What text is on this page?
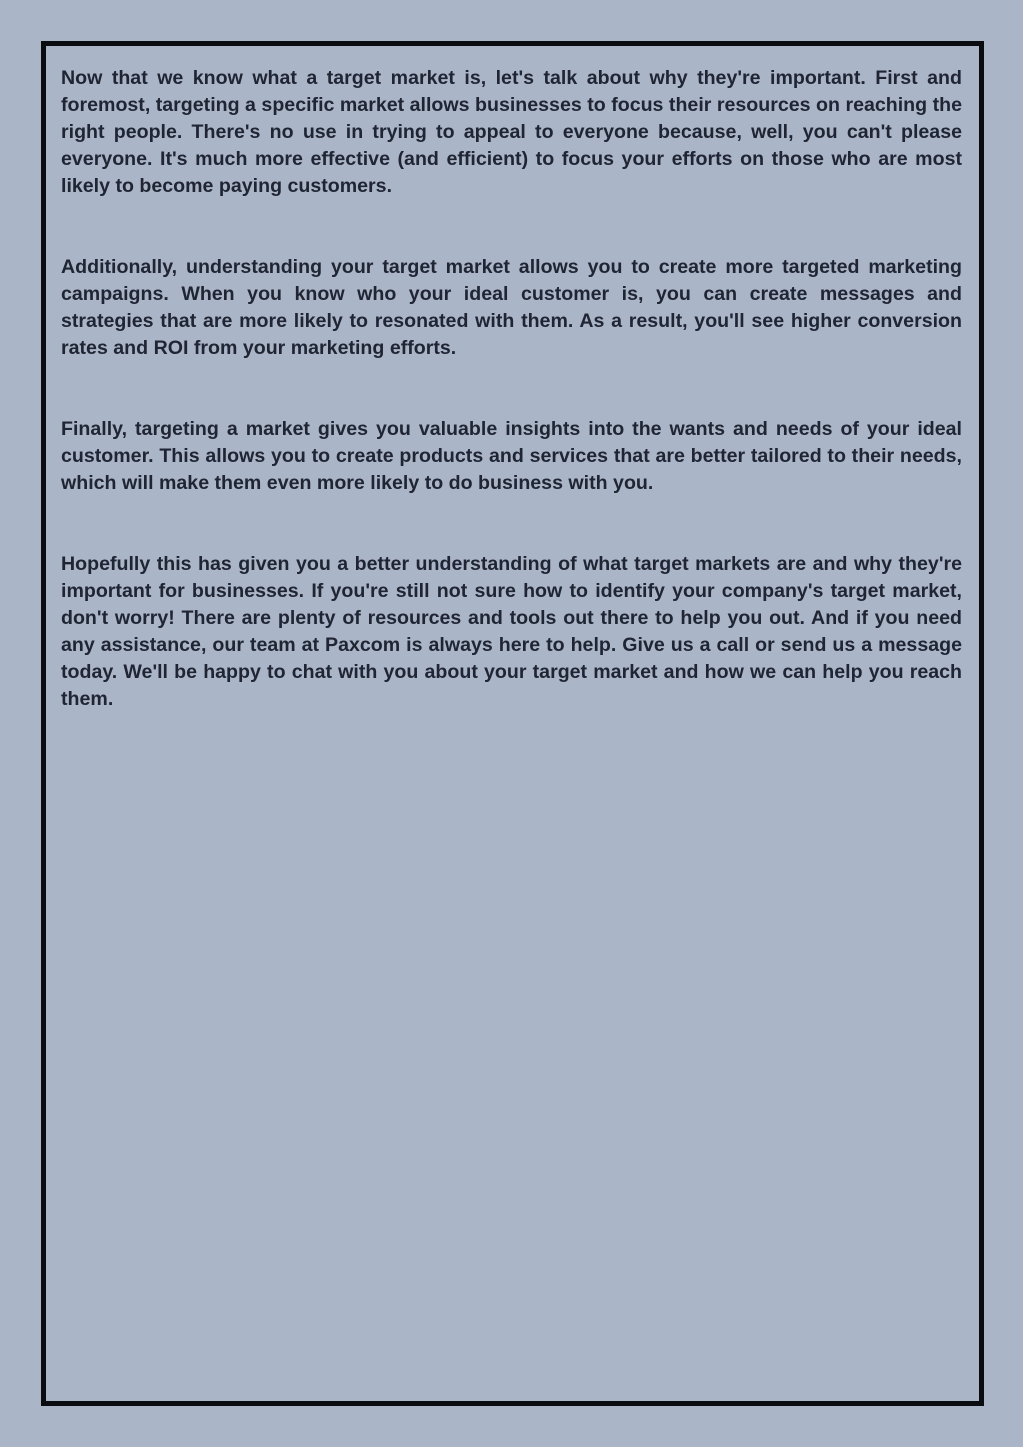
Now that we know what a target market is, let's talk about why they're important. First and foremost, targeting a specific market allows businesses to focus their resources on reaching the right people. There's no use in trying to appeal to everyone because, well, you can't please everyone. It's much more effective (and efficient) to focus your efforts on those who are most likely to become paying customers.

Additionally, understanding your target market allows you to create more targeted marketing campaigns. When you know who your ideal customer is, you can create messages and strategies that are more likely to resonated with them. As a result, you'll see higher conversion rates and ROI from your marketing efforts.

Finally, targeting a market gives you valuable insights into the wants and needs of your ideal customer. This allows you to create products and services that are better tailored to their needs, which will make them even more likely to do business with you.

Hopefully this has given you a better understanding of what target markets are and why they're important for businesses. If you're still not sure how to identify your company's target market, don't worry! There are plenty of resources and tools out there to help you out. And if you need any assistance, our team at Paxcom is always here to help. Give us a call or send us a message today. We'll be happy to chat with you about your target market and how we can help you reach them.
